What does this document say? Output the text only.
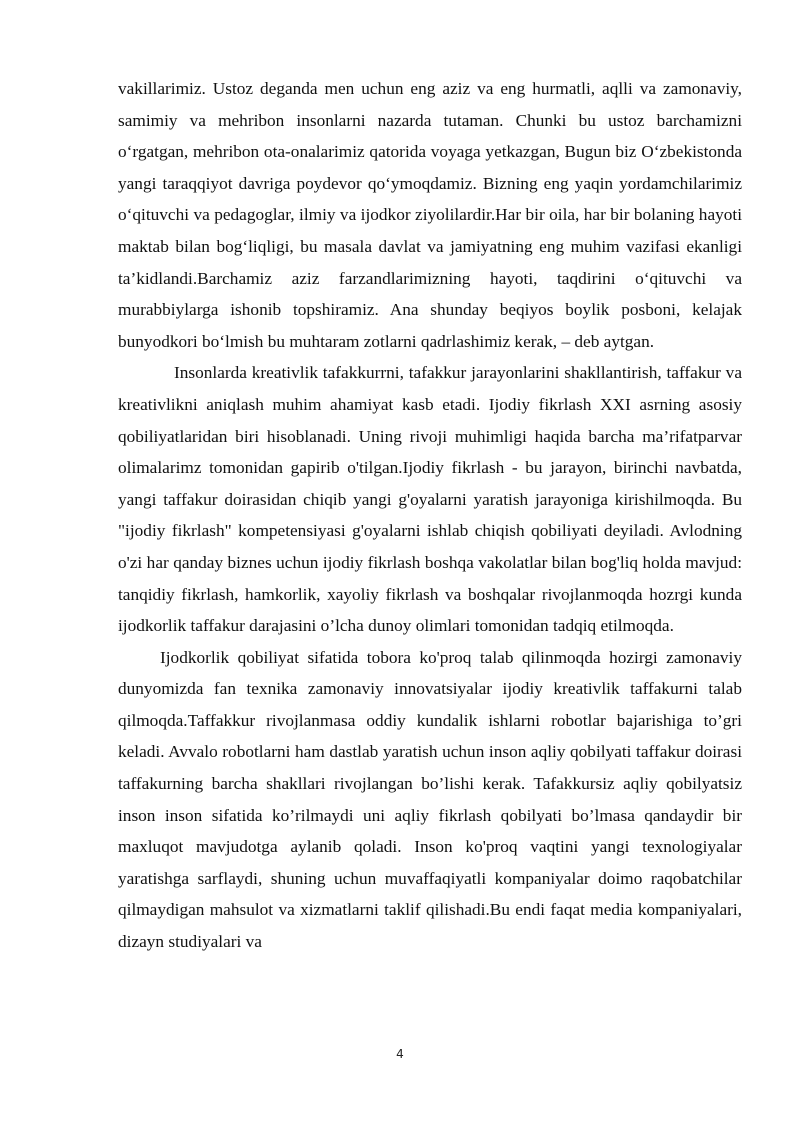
vakillarimiz. Ustoz deganda men uchun eng aziz va eng hurmatli, aqlli va zamonaviy, samimiy va mehribon insonlarni nazarda tutaman. Chunki bu ustoz barchamizni o‘rgatgan, mehribon ota-onalarimiz qatorida voyaga yetkazgan, Bugun biz O‘zbekistonda yangi taraqqiyot davriga poydevor qo‘ymoqdamiz. Bizning eng yaqin yordamchilarimiz o‘qituvchi va pedagoglar, ilmiy va ijodkor ziyolilardir.Har bir oila, har bir bolaning hayoti maktab bilan bog‘liqligi, bu masala davlat va jamiyatning eng muhim vazifasi ekanligi ta’kidlandi.Barchamiz aziz farzandlarimizning hayoti, taqdirini o‘qituvchi va murabbiylarga ishonib topshiramiz. Ana shunday beqiyos boylik posboni, kelajak bunyodkori bo‘lmish bu muhtaram zotlarni qadrlashimiz kerak, – deb aytgan.

Insonlarda kreativlik tafakkurrni, tafakkur jarayonlarini shakllantirish, taffakur va kreativlikni aniqlash muhim ahamiyat kasb etadi. Ijodiy fikrlash XXI asrning asosiy qobiliyatlaridan biri hisoblanadi. Uning rivoji muhimligi haqida barcha ma’rifatparvar olimalarimz tomonidan gapirib o'tilgan.Ijodiy fikrlash - bu jarayon, birinchi navbatda, yangi taffakur doirasidan chiqib yangi g'oyalarni yaratish jarayoniga kirishilmoqda. Bu "ijodiy fikrlash" kompetensiyasi g'oyalarni ishlab chiqish qobiliyati deyiladi. Avlodning o'zi har qanday biznes uchun ijodiy fikrlash boshqa vakolatlar bilan bog'liq holda mavjud: tanqidiy fikrlash, hamkorlik, xayoliy fikrlash va boshqalar rivojlanmoqda hozrgi kunda ijodkorlik taffakur darajasini o’lcha dunoy olimlari tomonidan tadqiq etilmoqda.

Ijodkorlik qobiliyat sifatida tobora ko'proq talab qilinmoqda hozirgi zamonaviy dunyomizda fan texnika zamonaviy innovatsiyalar ijodiy kreativlik taffakurni talab qilmoqda.Taffakkur rivojlanmasa oddiy kundalik ishlarni robotlar bajarishiga to’gri keladi. Avvalo robotlarni ham dastlab yaratish uchun inson aqliy qobilyati taffakur doirasi taffakurning barcha shakllari rivojlangan bo’lishi kerak. Tafakkursiz aqliy qobilyatsiz inson inson sifatida ko’rilmaydi uni aqliy fikrlash qobilyati bo’lmasa qandaydir bir maxluqot mavjudotga aylanib qoladi. Inson ko'proq vaqtini yangi texnologiyalar yaratishga sarflaydi, shuning uchun muvaffaqiyatli kompaniyalar doimo raqobatchilar qilmaydigan mahsulot va xizmatlarni taklif qilishadi.Bu endi faqat media kompaniyalari, dizayn studiyalari va

4
